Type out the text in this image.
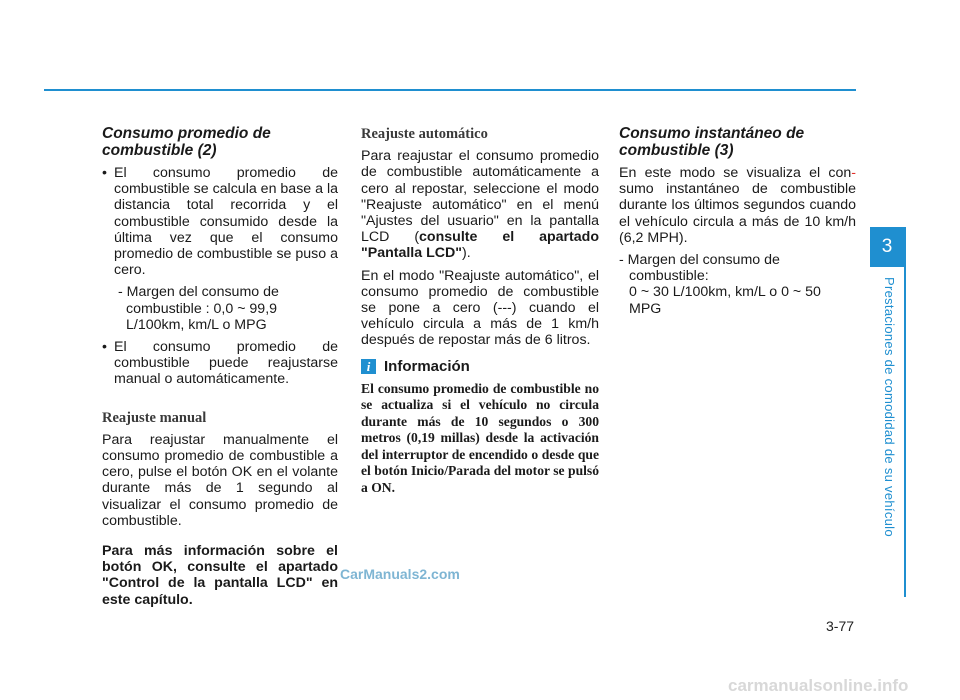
Consumo promedio de combustible (2)
• El consumo promedio de combustible se calcula en base a la distancia total recorrida y el combustible consumido desde la última vez que el consumo promedio de combustible se puso a cero.
- Margen del consumo de combustible : 0,0 ~ 99,9 L/100km, km/L o MPG
• El consumo promedio de combustible puede reajustarse manual o automáticamente.
Reajuste manual

Para reajustar manualmente el consumo promedio de combustible a cero, pulse el botón OK en el volante durante más de 1 segundo al visualizar el consumo promedio de combustible.

Para más información sobre el botón OK, consulte el apartado "Control de la pantalla LCD" en este capítulo.

Reajuste automático

Para reajustar el consumo promedio de combustible automáticamente a cero al repostar, seleccione el modo "Reajuste automático" en el menú "Ajustes del usuario" en la pantalla LCD (consulte el apartado "Pantalla LCD").

En el modo "Reajuste automático", el consumo promedio de combustible se pone a cero (---) cuando el vehículo circula a más de 1 km/h después de repostar más de 6 litros.

i Información
El consumo promedio de combustible no se actualiza si el vehículo no circula durante más de 10 segundos o 300 metros (0,19 millas) desde la activación del interruptor de encendido o desde que el botón Inicio/Parada del motor se pulsó a ON.
Consumo instantáneo de combustible (3)

En este modo se visualiza el con-sumo instantáneo de combustible durante los últimos segundos cuando el vehículo circula a más de 10 km/h (6,2 MPH).

- Margen del consumo de combustible:
0 ~ 30 L/100km, km/L o 0 ~ 50 MPG
3
Prestaciones de comodidad de su vehículo
3-77
CarManuals2.com
carmanualsonline.info
